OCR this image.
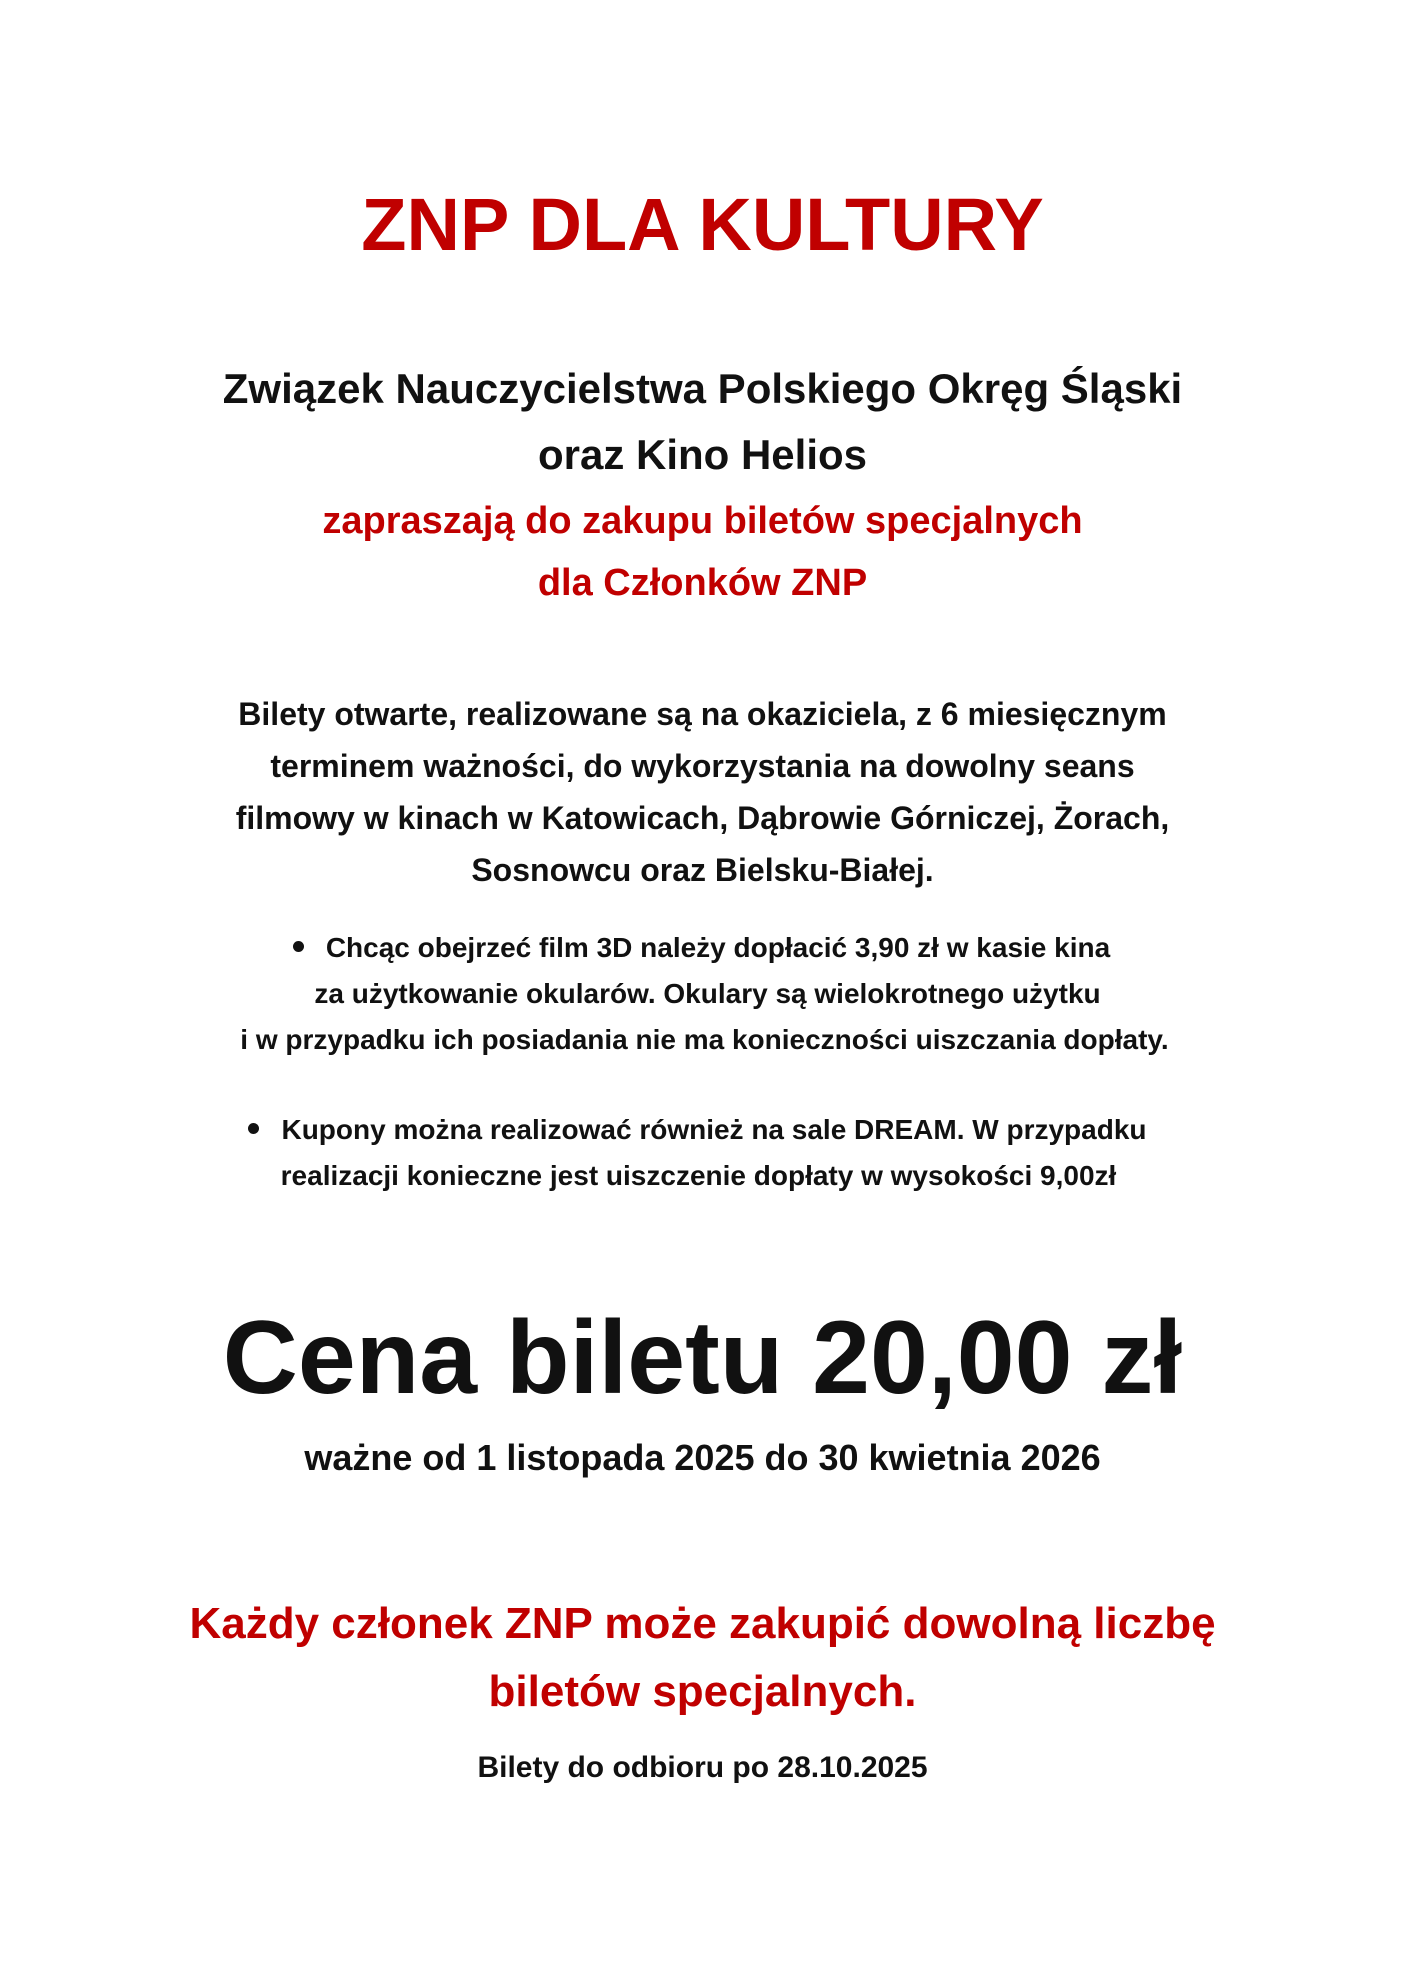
ZNP DLA KULTURY
Związek Nauczycielstwa Polskiego Okręg Śląski
oraz Kino Helios
zapraszają do zakupu biletów specjalnych
dla Członków ZNP
Bilety otwarte, realizowane są na okaziciela, z 6 miesięcznym
terminem ważności, do wykorzystania na dowolny seans
filmowy w kinach w Katowicach, Dąbrowie Górniczej, Żorach,
Sosnowcu oraz Bielsku-Białej.
Chcąc obejrzeć film 3D należy dopłacić 3,90 zł w kasie kina
za użytkowanie okularów. Okulary są wielokrotnego użytku
i w przypadku ich posiadania nie ma konieczności uiszczania dopłaty.
Kupony można realizować również na sale DREAM. W przypadku
realizacji konieczne jest uiszczenie dopłaty w wysokości 9,00zł
Cena biletu 20,00 zł
ważne od 1 listopada 2025 do 30 kwietnia 2026
Każdy członek ZNP może zakupić dowolną liczbę
biletów specjalnych.
Bilety do odbioru po 28.10.2025
